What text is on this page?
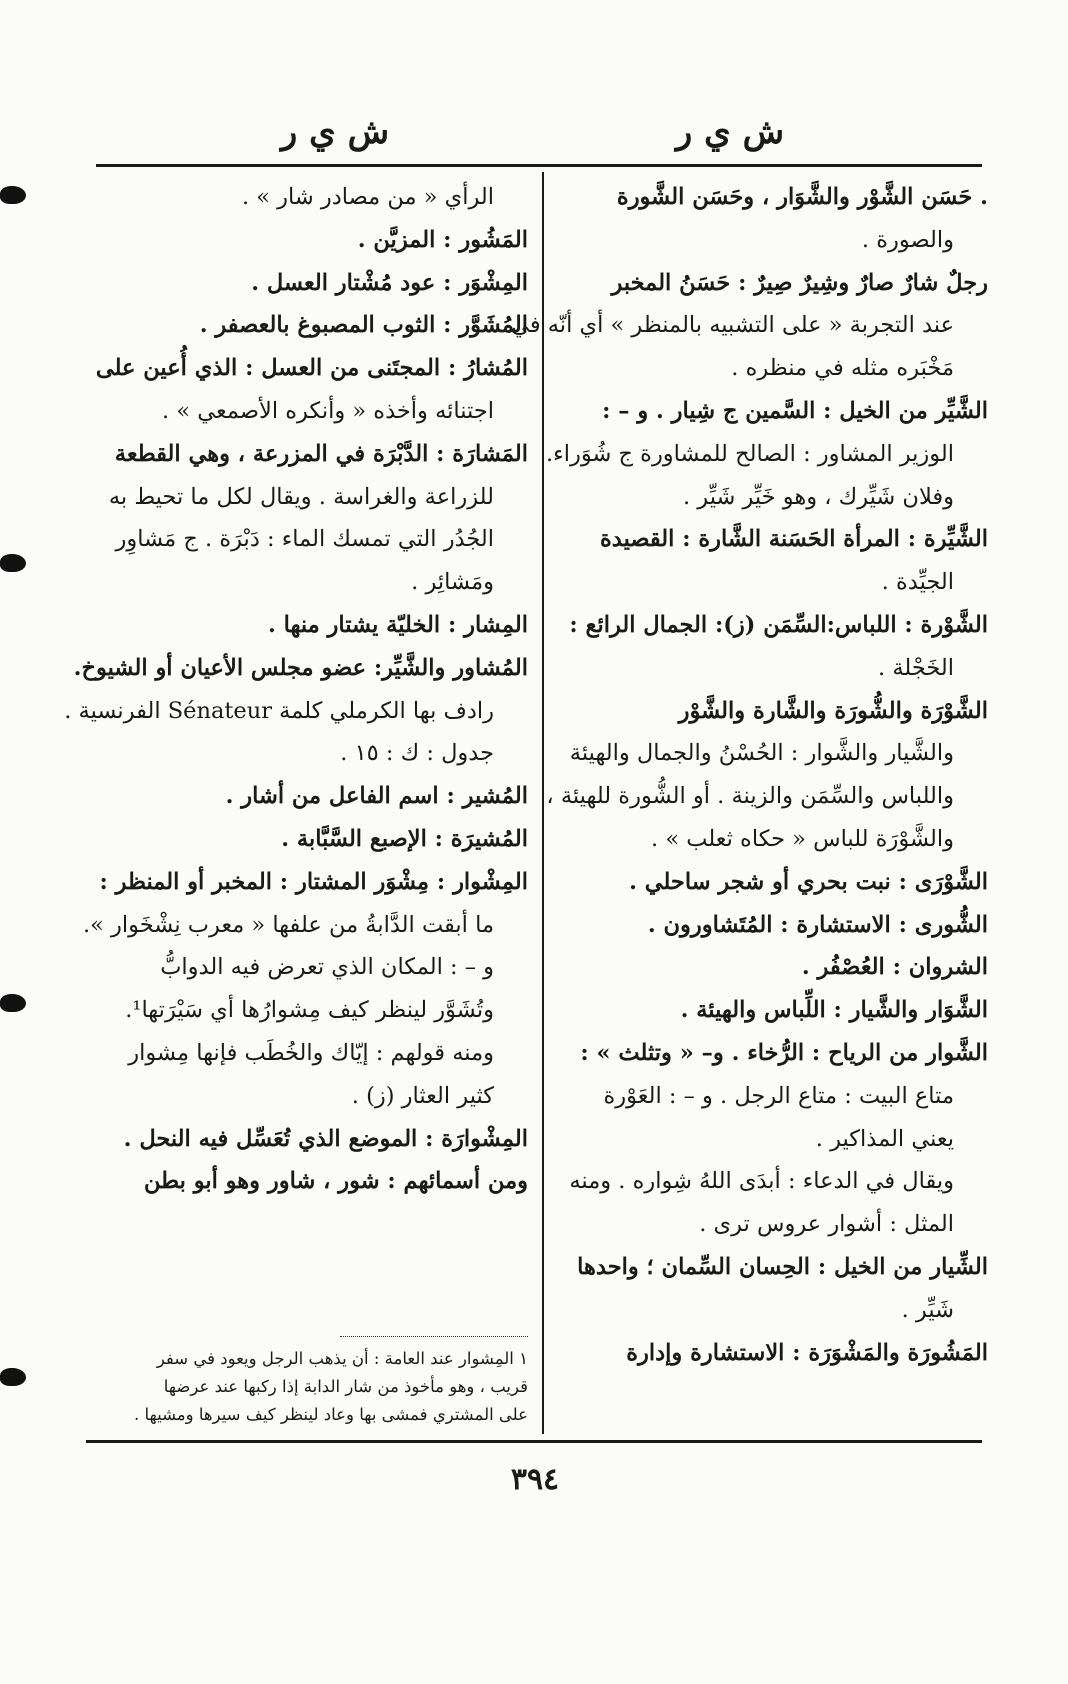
ش ي ر
ش ي ر
. حَسَن الشَّوْر والشَّوَار ، وحَسَن الشَّورة
والصورة .
رجلٌ شارٌ صارٌ وشِيرٌ صِيرٌ : حَسَنُ المخبر
عند التجربة « على التشبيه بالمنظر » أي أنّه في
مَخْبَره مثله في منظره .
الشَّيِّر من الخيل : السَّمين ج شِيار . و – :
الوزير المشاور : الصالح للمشاورة ج شُوَراء.
وفلان شَيِّرك ، وهو خَيِّر شَيِّر .
الشَّيِّرة : المرأة الحَسَنة الشَّارة : القصيدة
الجيِّدة .
الشَّوْرة : اللباس:السِّمَن (ز): الجمال الرائع :
الخَجْلة .
الشَّوْرَة والشُّورَة والشَّارة والشَّوْر
والشَّيار والشَّوار : الحُسْنُ والجمال والهيئة
واللباس والسِّمَن والزينة . أو الشُّورة للهيئة ،
والشَّوْرَة للباس « حكاه ثعلب » .
الشَّوْرَى : نبت بحري أو شجر ساحلي .
الشُّورى : الاستشارة : المُتَشاورون .
الشروان : العُصْفُر .
الشَّوَار والشَّيار : اللِّباس والهيئة .
الشَّوار من الرياح : الرُّخاء . و– « وتثلث » :
متاع البيت : متاع الرجل . و – : العَوْرة
يعني المذاكير .
ويقال في الدعاء : أبدَى اللهُ شِواره . ومنه
المثل : أشوار عروس ترى .
الشِّيار من الخيل : الحِسان السِّمان ؛ واحدها
شَيِّر .
المَشُورَة والمَشْوَرَة : الاستشارة وإدارة
الرأي « من مصادر شار » .
المَشُور : المزيَّن .
المِشْوَر : عود مُشْتار العسل .
المُشَوَّر : الثوب المصبوغ بالعصفر .
المُشارُ : المجتَنى من العسل : الذي أُعين على
اجتنائه وأخذه « وأنكره الأصمعي » .
المَشارَة : الدَّبْرَة في المزرعة ، وهي القطعة
للزراعة والغراسة . ويقال لكل ما تحيط به
الجُدُر التي تمسك الماء : دَبْرَة . ج مَشاوِر
ومَشائِر .
المِشار : الخليّة يشتار منها .
المُشاور والشَّيِّر: عضو مجلس الأعيان أو الشيوخ.
رادف بها الكرملي كلمة Sénateur الفرنسية .
جدول : ك : ١٥ .
المُشير : اسم الفاعل من أشار .
المُشيرَة : الإصبع السَّبَّابة .
المِشْوار : مِشْوَر المشتار : المخبر أو المنظر :
ما أبقت الدَّابةُ من علفها « معرب نِشْخَوار ».
و – : المكان الذي تعرض فيه الدوابُّ
وتُشَوَّر لينظر كيف مِشوارُها أي سَيْرَتها¹.
ومنه قولهم : إيّاك والخُطَب فإنها مِشوار
كثير العثار (ز) .
المِشْوارَة : الموضع الذي تُعَسِّل فيه النحل .
ومن أسمائهم : شور ، شاور وهو أبو بطن
١ المِشوار عند العامة : أن يذهب الرجل ويعود في سفر
قريب ، وهو مأخوذ من شار الدابة إذا ركبها عند عرضها
على المشتري فمشى بها وعاد لينظر كيف سيرها ومشيها .
٣٩٤
